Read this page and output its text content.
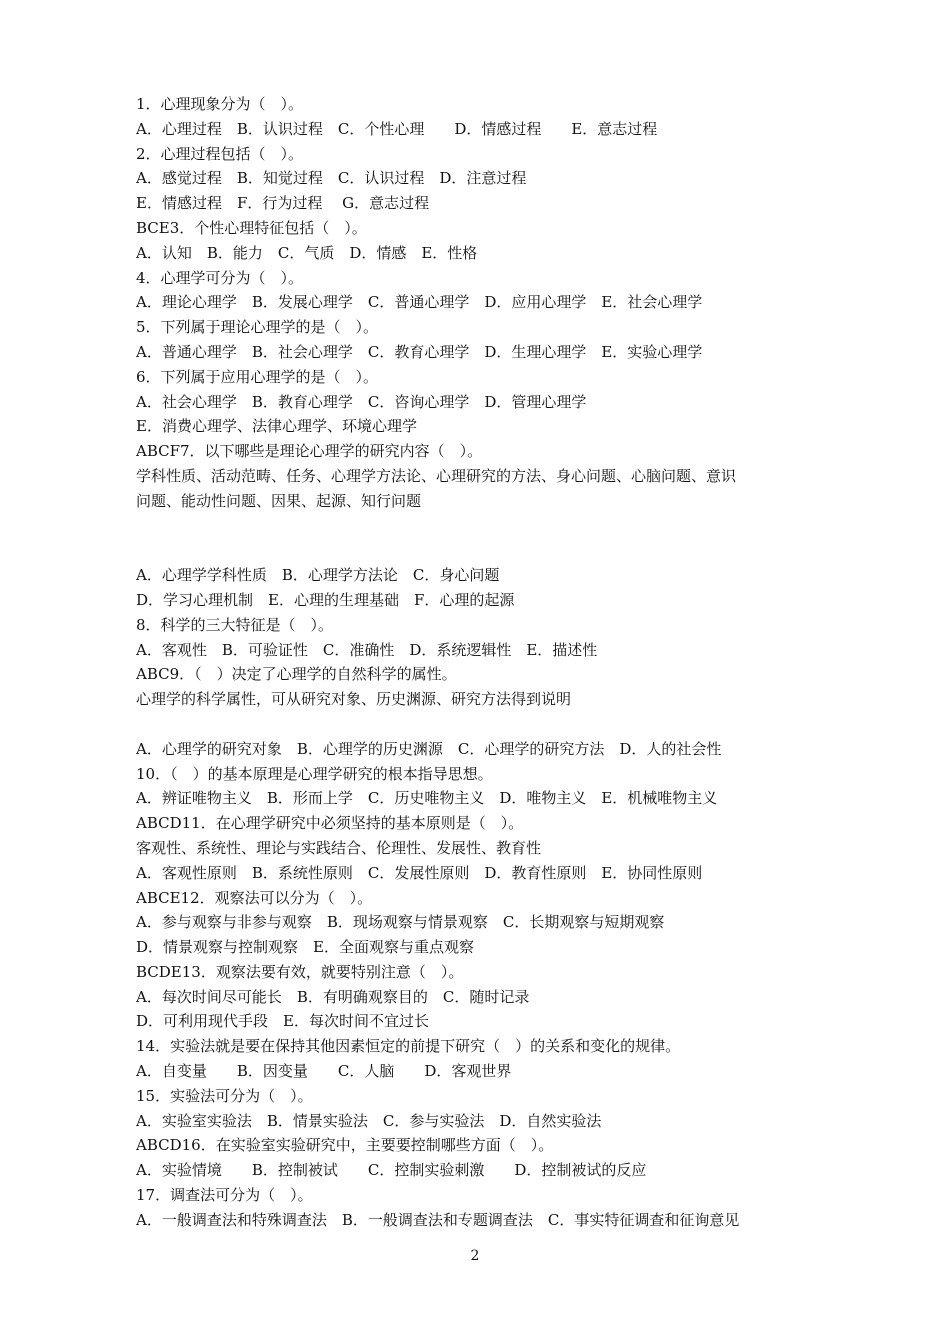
1．心理现象分为（　）。
A．心理过程　B．认识过程　C．个性心理　　D．情感过程　　E．意志过程
2．心理过程包括（　）。
A．感觉过程　B．知觉过程　C．认识过程　D．注意过程
E．情感过程　F．行为过程　 G．意志过程
BCE3．个性心理特征包括（　）。
A．认知　B．能力　C．气质　D．情感　E．性格
4．心理学可分为（　）。
A．理论心理学　B．发展心理学　C．普通心理学　D．应用心理学　E．社会心理学
5．下列属于理论心理学的是（　）。
A．普通心理学　B．社会心理学　C．教育心理学　D．生理心理学　E．实验心理学
6．下列属于应用心理学的是（　）。
A．社会心理学　B．教育心理学　C．咨询心理学　D．管理心理学
E．消费心理学、法律心理学、环境心理学
ABCF7．以下哪些是理论心理学的研究内容（　）。
学科性质、活动范畴、任务、心理学方法论、心理研究的方法、身心问题、心脑问题、意识
问题、能动性问题、因果、起源、知行问题
A．心理学学科性质　B．心理学方法论　C．身心问题
D．学习心理机制　E．心理的生理基础　F．心理的起源
8．科学的三大特征是（　）。
A．客观性　B．可验证性　C．准确性　D．系统逻辑性　E．描述性
ABC9．（　）决定了心理学的自然科学的属性。
心理学的科学属性，可从研究对象、历史渊源、研究方法得到说明
A．心理学的研究对象　B．心理学的历史渊源　C．心理学的研究方法　D．人的社会性
10．（　）的基本原理是心理学研究的根本指导思想。
A．辨证唯物主义　B．形而上学　C．历史唯物主义　D．唯物主义　E．机械唯物主义
ABCD11．在心理学研究中必须坚持的基本原则是（　）。
客观性、系统性、理论与实践结合、伦理性、发展性、教育性
A．客观性原则　B．系统性原则　C．发展性原则　D．教育性原则　E．协同性原则
ABCE12．观察法可以分为（　）。
A．参与观察与非参与观察　B．现场观察与情景观察　C．长期观察与短期观察
D．情景观察与控制观察　E．全面观察与重点观察
BCDE13．观察法要有效，就要特别注意（　）。
A．每次时间尽可能长　B．有明确观察目的　C．随时记录
D．可利用现代手段　E．每次时间不宜过长
14．实验法就是要在保持其他因素恒定的前提下研究（　）的关系和变化的规律。
A．自变量　　B．因变量　　C．人脑　　D．客观世界
15．实验法可分为（　）。
A．实验室实验法　B．情景实验法　C．参与实验法　D．自然实验法
ABCD16．在实验室实验研究中，主要要控制哪些方面（　）。
A．实验情境　　B．控制被试　　C．控制实验刺激　　D．控制被试的反应
17．调查法可分为（　）。
A．一般调查法和特殊调查法　B．一般调查法和专题调查法　C．事实特征调查和征询意见
2
